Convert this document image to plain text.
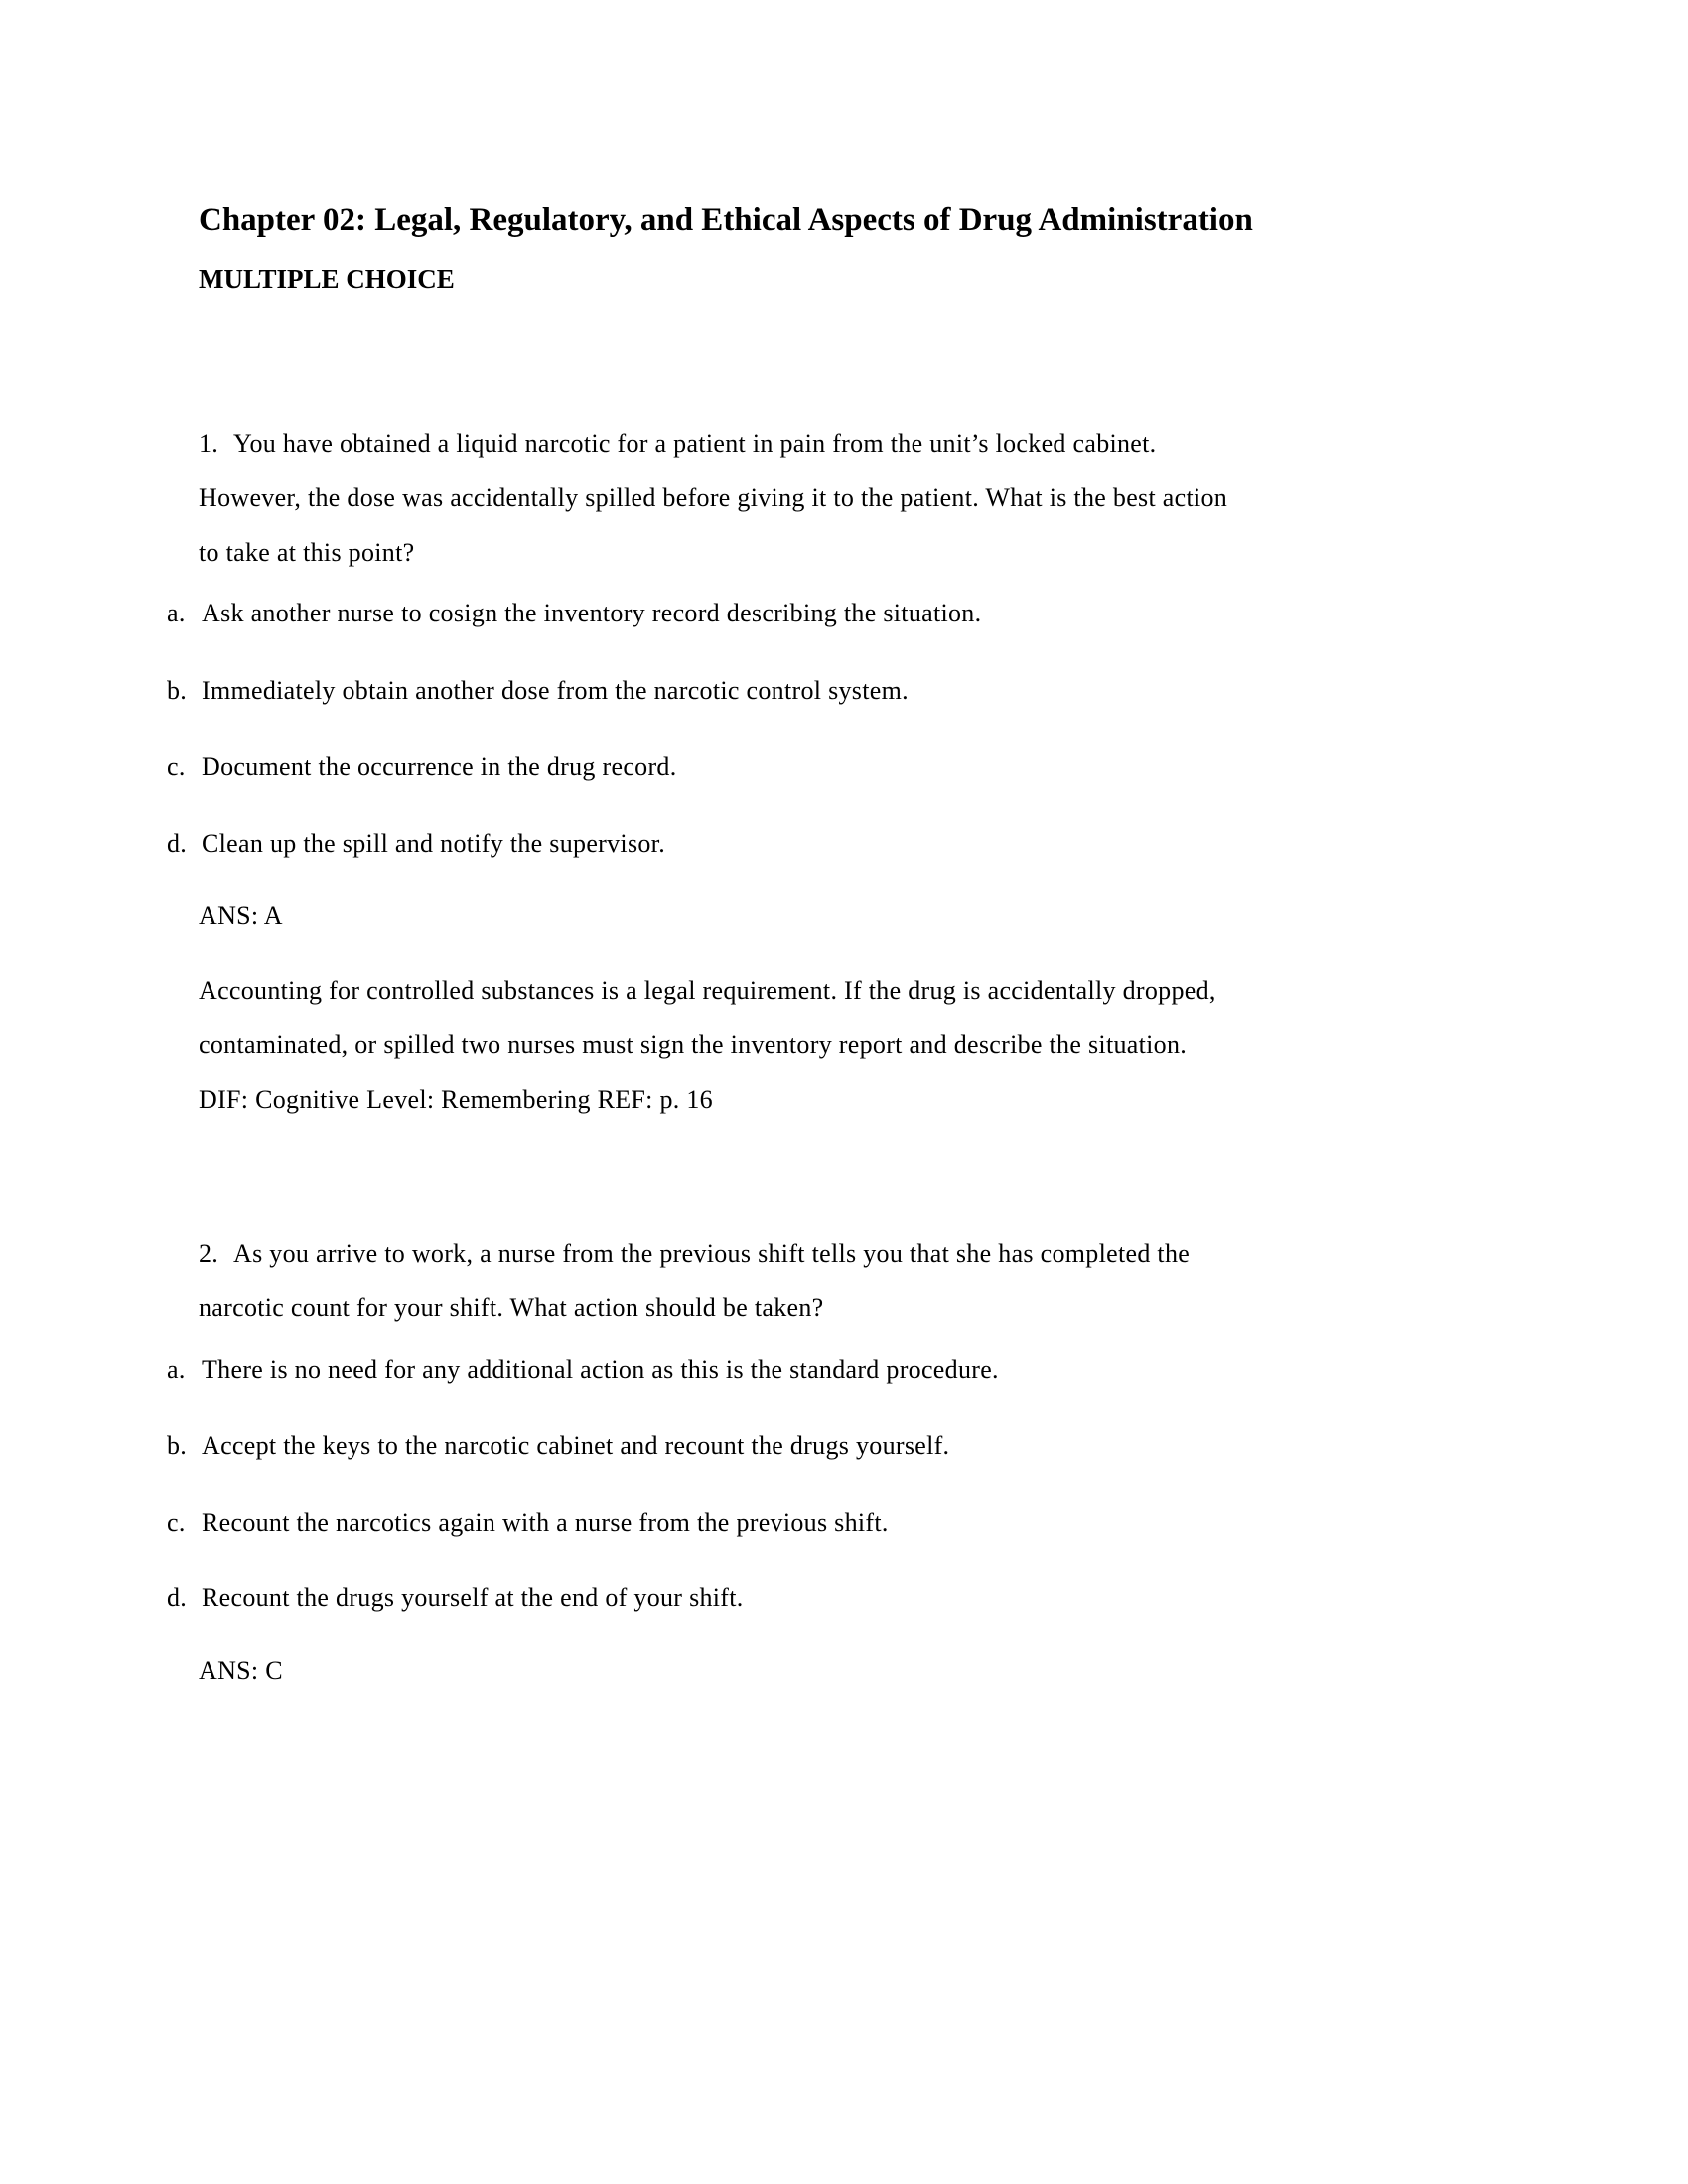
Chapter 02: Legal, Regulatory, and Ethical Aspects of Drug Administration
MULTIPLE CHOICE
1. You have obtained a liquid narcotic for a patient in pain from the unit’s locked cabinet.
However, the dose was accidentally spilled before giving it to the patient. What is the best action
to take at this point?
a. Ask another nurse to cosign the inventory record describing the situation.
b. Immediately obtain another dose from the narcotic control system.
c. Document the occurrence in the drug record.
d. Clean up the spill and notify the supervisor.
ANS: A
Accounting for controlled substances is a legal requirement. If the drug is accidentally dropped,
contaminated, or spilled two nurses must sign the inventory report and describe the situation.
DIF: Cognitive Level: Remembering REF: p. 16
2. As you arrive to work, a nurse from the previous shift tells you that she has completed the
narcotic count for your shift. What action should be taken?
a. There is no need for any additional action as this is the standard procedure.
b. Accept the keys to the narcotic cabinet and recount the drugs yourself.
c. Recount the narcotics again with a nurse from the previous shift.
d. Recount the drugs yourself at the end of your shift.
ANS: C
